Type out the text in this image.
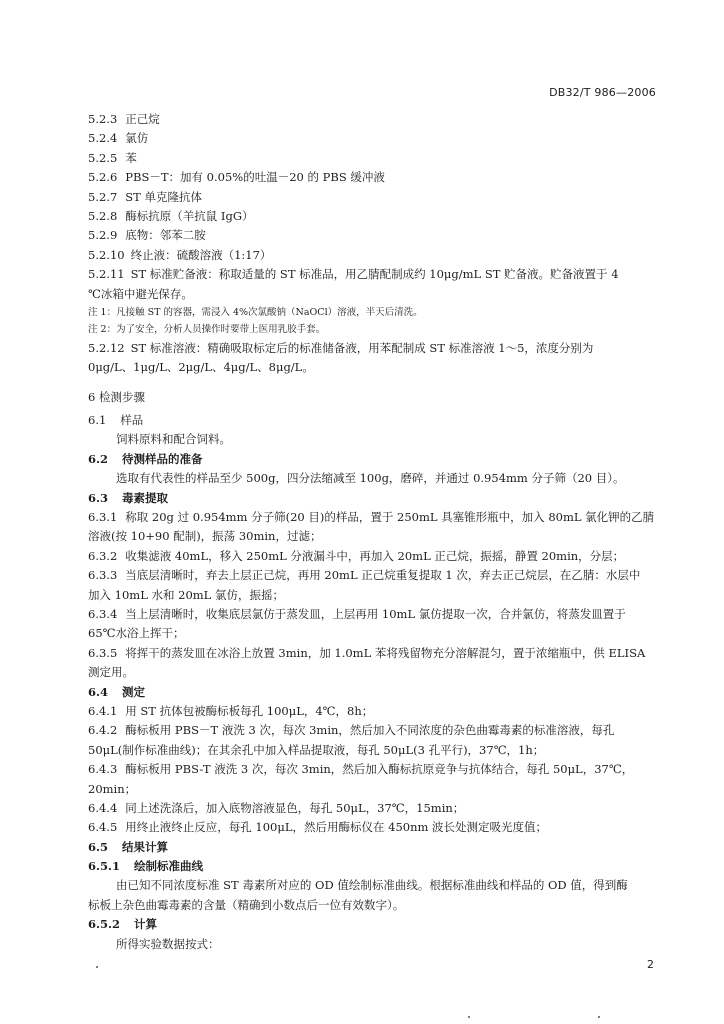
DB32/T 986—2006
5.2.3 正己烷
5.2.4 氯仿
5.2.5 苯
5.2.6 PBS－T：加有 0.05%的吐温－20 的 PBS 缓冲液
5.2.7 ST 单克隆抗体
5.2.8 酶标抗原（羊抗鼠 IgG）
5.2.9 底物：邻苯二胺
5.2.10 终止液：硫酸溶液（1:17）
5.2.11 ST 标准贮备液：称取适量的 ST 标准品，用乙腈配制成约 10μg/mL ST 贮备液。贮备液置于 4
℃冰箱中避光保存。
注 1：凡接触 ST 的容器，需浸入 4%次氯酸钠（NaOCl）溶液，半天后清洗。
注 2：为了安全，分析人员操作时要带上医用乳胶手套。
5.2.12 ST 标准溶液：精确吸取标定后的标准储备液，用苯配制成 ST 标准溶液 1～5，浓度分别为
0μg/L、1μg/L、2μg/L、4μg/L、8μg/L。
6 检测步骤
6.1 样品
饲料原料和配合饲料。
6.2 待测样品的准备
选取有代表性的样品至少 500g，四分法缩减至 100g，磨碎，并通过 0.954mm 分子筛（20 目）。
6.3 毒素提取
6.3.1 称取 20g 过 0.954mm 分子筛(20 目)的样品，置于 250mL 具塞锥形瓶中，加入 80mL 氯化钾的乙腈
溶液(按 10+90 配制)，振荡 30min，过滤；
6.3.2 收集滤液 40mL，移入 250mL 分液漏斗中，再加入 20mL 正己烷，振摇，静置 20min，分层；
6.3.3 当底层清晰时，弃去上层正己烷，再用 20mL 正己烷重复提取 1 次，弃去正己烷层，在乙腈：水层中
加入 10mL 水和 20mL 氯仿，振摇；
6.3.4 当上层清晰时，收集底层氯仿于蒸发皿，上层再用 10mL 氯仿提取一次，合并氯仿，将蒸发皿置于
65℃水浴上挥干；
6.3.5 将挥干的蒸发皿在冰浴上放置 3min，加 1.0mL 苯将残留物充分溶解混匀，置于浓缩瓶中，供 ELISA
测定用。
6.4 测定
6.4.1 用 ST 抗体包被酶标板每孔 100μL，4℃，8h；
6.4.2 酶标板用 PBS－T 液洗 3 次，每次 3min，然后加入不同浓度的杂色曲霉毒素的标准溶液，每孔
50μL(制作标准曲线)；在其余孔中加入样品提取液，每孔 50μL(3 孔平行)，37℃，1h；
6.4.3 酶标板用 PBS-T 液洗 3 次，每次 3min，然后加入酶标抗原竞争与抗体结合，每孔 50μL，37℃，
20min；
6.4.4 同上述洗涤后，加入底物溶液显色，每孔 50μL，37℃，15min；
6.4.5 用终止液终止反应，每孔 100μL，然后用酶标仪在 450nm 波长处测定吸光度值；
6.5 结果计算
6.5.1 绘制标准曲线
由已知不同浓度标准 ST 毒素所对应的 OD 值绘制标准曲线。根据标准曲线和样品的 OD 值，得到酶
标板上杂色曲霉毒素的含量（精确到小数点后一位有效数字）。
6.5.2 计算
所得实验数据按式：
2
